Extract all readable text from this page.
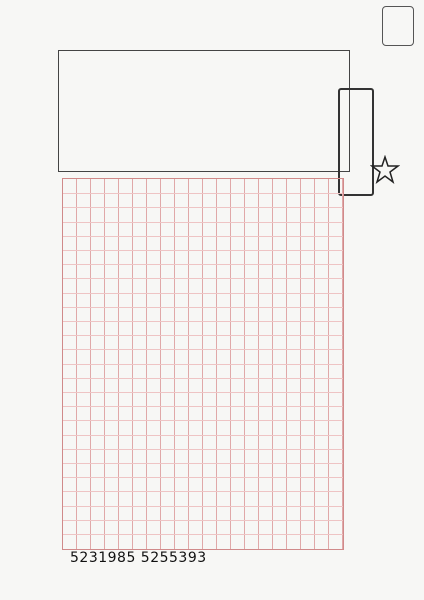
5231985 5255393
